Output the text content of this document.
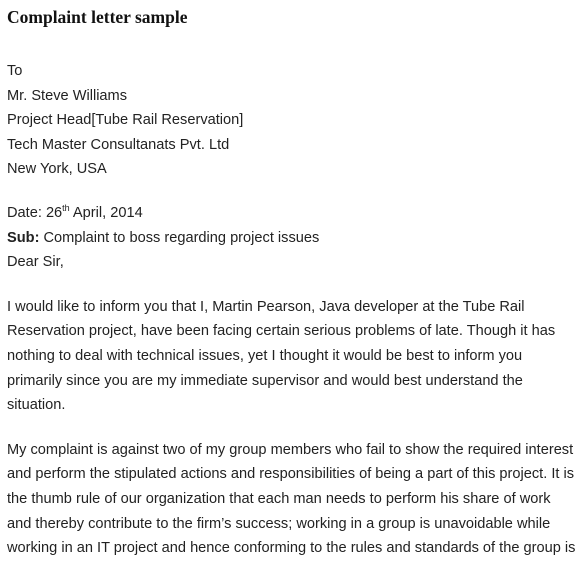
Complaint letter sample
To
Mr. Steve Williams
Project Head[Tube Rail Reservation]
Tech Master Consultanats Pvt. Ltd
New York, USA
Date: 26th April, 2014
Sub: Complaint to boss regarding project issues
Dear Sir,

I would like to inform you that I, Martin Pearson, Java developer at the Tube Rail
Reservation project, have been facing certain serious problems of late. Though it has
nothing to deal with technical issues, yet I thought it would be best to inform you
primarily since you are my immediate supervisor and would best understand the
situation.

My complaint is against two of my group members who fail to show the required interest
and perform the stipulated actions and responsibilities of being a part of this project. It is
the thumb rule of our organization that each man needs to perform his share of work
and thereby contribute to the firm’s success; working in a group is unavoidable while
working in an IT project and hence conforming to the rules and standards of the group is
